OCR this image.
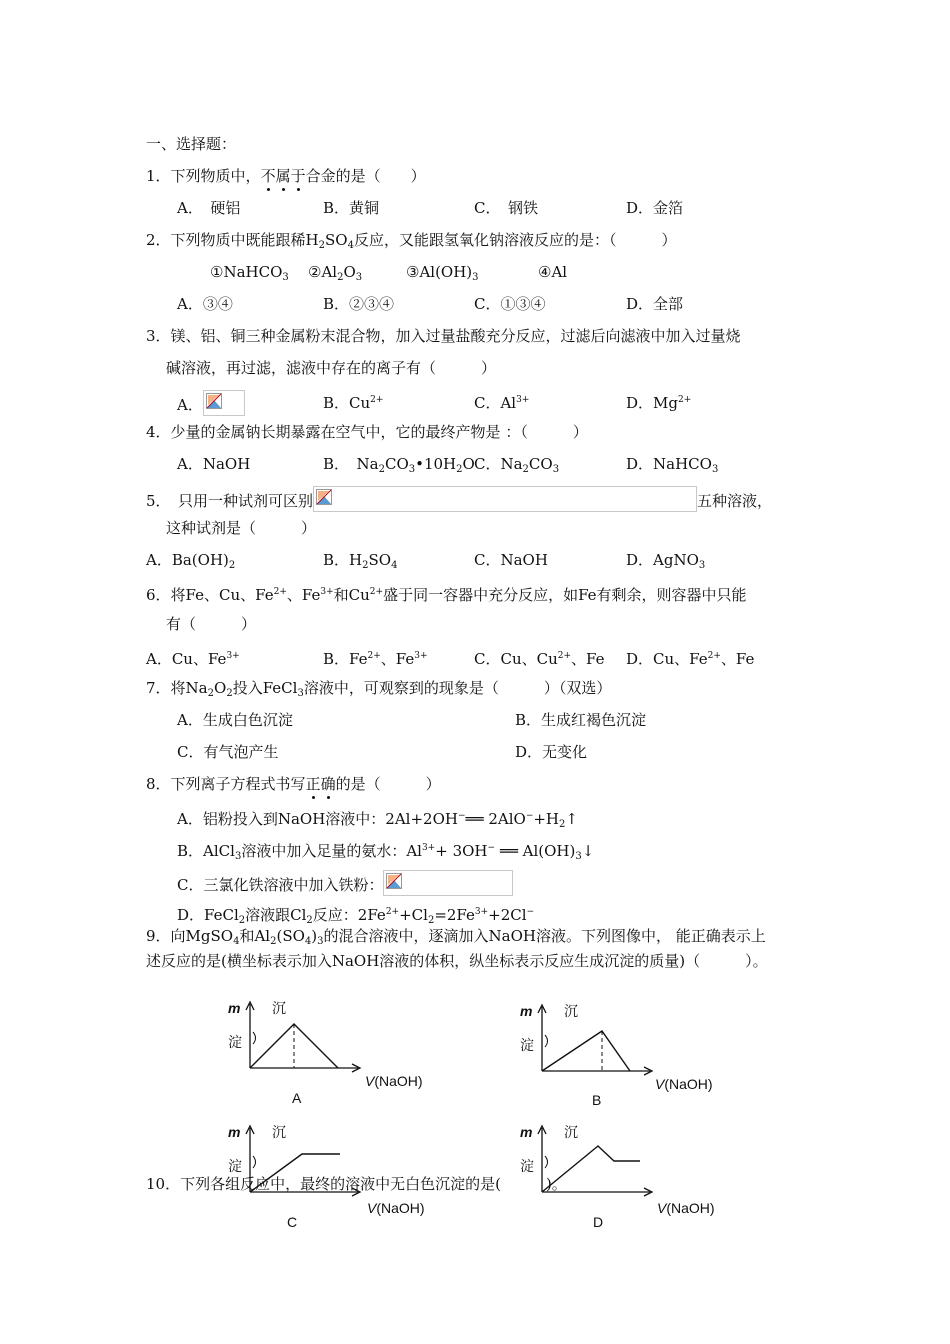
一、选择题：
1．下列物质中，不属于合金的是（　　）
A．　硬铝	B．黄铜	C．　钢铁	D．金箔
2．下列物质中既能跟稀$H_2SO_4$反应，又能跟氢氧化钠溶液反应的是：（　　　）
①NaHCO$_3$ $②Al_2O_3$	$③Al(OH)_3$	④Al
A．③④	B．②③④	C．①③④	D．全部
3．镁、铝、铜三种金属粉末混合物，加入过量盐酸充分反应，过滤后向滤液中加入过量烧
碱溶液，再过滤，滤液中存在的离子有（　　　）
A．	B．$Cu^{2+}$	C．$Al^{3+}$	D．$Mg^{2+}$
4．少量的金属钠长期暴露在空气中，它的最终产物是 ：（　　　）
A．NaOH	B．　$Na_2CO_3•10H_2O$ C．$Na_2CO_3$	D．NaHCO$_3$
5．　只用一种试剂可区别	五种溶液，
这种试剂是（　　　）
A．$Ba(OH)_2$	B．$H_2SO_4$	C．NaOH	D．AgNO$_3$
6．将Fe、Cu、$Fe^{2+}$、$Fe^{3+}$和$Cu^{2+}$盛于同一容器中充分反应，如Fe有剩余，则容器中只能
有（　　　）
A．Cu、$Fe^{3+}$	B．$Fe^{2+}$、$Fe^{3+}$	C．Cu、$Cu^{2+}$、Fe D．Cu、$Fe^{2+}$、Fe
7．将$Na_2O_2$投入FeCl$_3$溶液中，可观察到的现象是（　　　）（双选）
A．生成白色沉淀	B．生成红褐色沉淀
C．有气泡产生	D．无变化
8．下列离子方程式书写正确的是（　　　）
A．铝粉投入到NaOH溶液中：2Al+2OH−══ $2AlO^-+H_2↑$
B．AlCl$_3$溶液中加入足量的氨水：$Al^{3+}+ 3OH^-$ ══ $Al(OH)_3↓$
C．三氯化铁溶液中加入铁粉：
D．FeCl$_2$溶液跟$Cl_2$反应：$2Fe^{2+}+Cl_2=2Fe^{3+}+2Cl^-$
9．向MgSO$_4$和$Al_2(SO_4)_3$的混合溶液中，逐滴加入NaOH溶液。下列图像中， 能正确表示上
述反应的是(横坐标表示加入NaOH溶液的体积，纵坐标表示反应生成沉淀的质量)（　　　）。
m 沉
淀
V(NaOH)
A
m 沉
淀
V(NaOH)
B
m 沉
淀
V(NaOH)
C
m 沉
淀
V(NaOH)
D
10．下列各组反应中，最终的溶液中无白色沉淀的是(　　　)。
